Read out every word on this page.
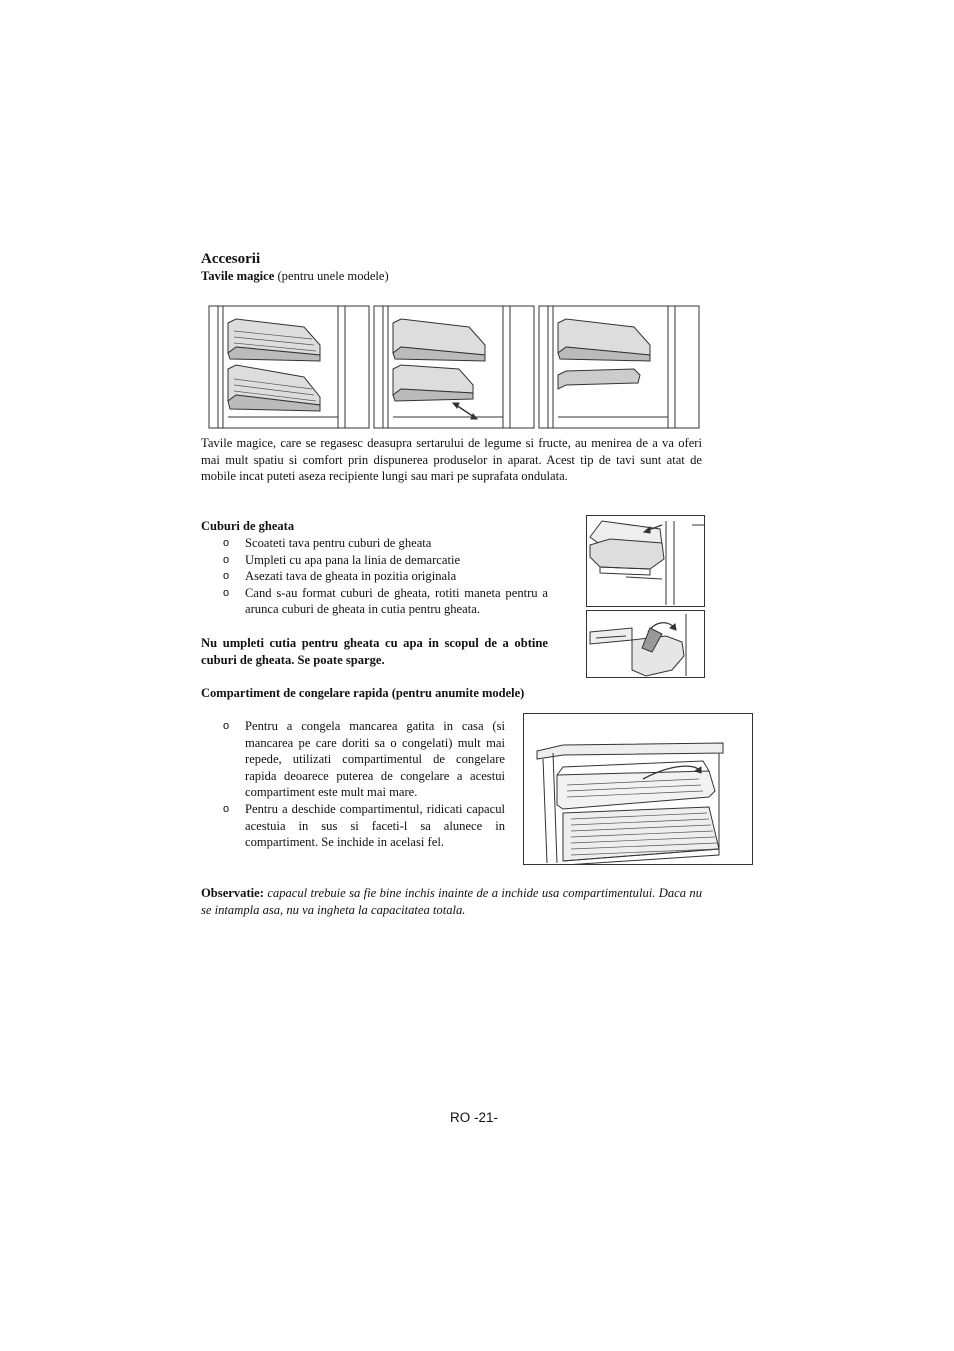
Accesorii
Tavile magice (pentru unele modele)
Tavile magice, care se regasesc deasupra sertarului de legume si fructe, au menirea de a va oferi mai mult spatiu si comfort prin dispunerea produselor in aparat. Acest tip de tavi sunt atat de mobile incat puteti aseza recipiente lungi sau mari pe suprafata ondulata.
Cuburi de gheata
o Scoateti tava pentru cuburi de gheata
o Umpleti cu apa pana la linia de demarcatie
o Asezati tava de gheata in pozitia originala
o Cand s-au format cuburi de gheata, rotiti maneta pentru a arunca cuburi de gheata in cutia pentru gheata.
Nu umpleti cutia pentru gheata cu apa in scopul de a obtine cuburi de gheata. Se poate sparge.
Compartiment de congelare rapida (pentru anumite modele)
o Pentru a congela mancarea gatita in casa (si mancarea pe care doriti sa o congelati) mult mai repede, utilizati compartimentul de congelare rapida deoarece puterea de congelare a acestui compartiment este mult mai mare.
o Pentru a deschide compartimentul, ridicati capacul acestuia in sus si faceti-l sa alunece in compartiment. Se inchide in acelasi fel.
Observatie: capacul trebuie sa fie bine inchis inainte de a inchide usa compartimentului. Daca nu se intampla asa, nu va ingheta la capacitatea totala.
RO -21-
